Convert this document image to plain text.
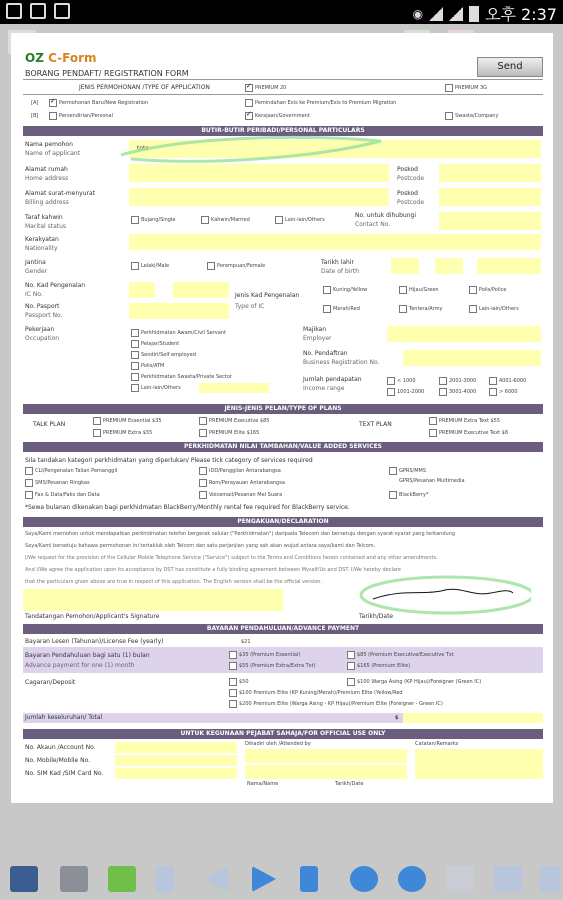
◉	오후 2:37
OZ C-Form
Send
BORANG PENDAFT/ REGISTRATION FORM
JENIS PERMOHONAN /TYPE OF APPLICATION ✓	PREMIUM 20	PREMIUM 3G
[A] ✓	Permohonan Baru/New Registration	Pemindahan Exis ke Premium/Exis to Premium Migration
[B]	Persendirian/Personal ✓	Kerajaan/Government	Swasta/Company
BUTIR-BUTIR PERIBADI/PERSONAL PARTICULARS
Nama pemohon
Name of applicant
toto
Alamat rumah
Home address
Poskod
Postcode
Alamat surat-menyurat
Billing address
Poskod
Postcode
Taraf kahwin
Marital status
Bujang/Single	Kahwin/Married	Lain-lain/Others
No. untuk dihubungi
Contact No.
Kerakyatan
Nationality
Jantina
Gender
Lelaki/Male	Perempuan/Female	Tarikh lahir
Date of birth
No. Kad Pengenalan
IC No.	Jenis Kad Pengenalan
Type of IC
Kuning/Yellow	Hijau/Green	Polis/Police
Merah/Red	Tentera/Army	Lain-lain/Others
No. Pasport
Passport No.
Pekerjaan
Occupation
Perkhidmatan Awam/Civil Servant
Pelajar/Student
Sendiri/Self employed
Polis/ATM
Perkhidmatan Swasta/Private Sector
Lain-lain/Others
Majikan
Employer
No. Pendaftran
Business Registration No.
Jumlah pendapatan
Income range
< 1000	2001-3000	4001-6000
1001-2000	3001-4000	> 6000
JENIS-JENIS PELAN/TYPE OF PLANS
TALK PLAN	PREMIUM Essential $35	PREMIUM Executive $85
PREMIUM Extra $55	PREMIUM Elite $165
TEXT PLAN	PREMIUM Extra Text $55
PREMIUM Executive Text $8
PERKHIDMATAN NILAI TAMBAHAN/VALUE ADDED SERVICES
Sila tandakan kategori perkhidmatan yang diperlukan/ Please tick category of services required
CLI/Pengenalan Talian Pemanggil	IDD/Panggilan Antarabangsa	GPRS/MMS
SMS/Pesanan Ringkas	Rom/Perayauan Antarabangsa	GPRS/Pesanan Multimedia
Fax & Data/Faks dan Data	Voicemail/Pesanan Mel Suara	BlackBerry*
*Sewa bulanan dikenakan bagi perkhidmatan BlackBerry/Monthly rental fee required for BlackBerry service.
PENGAKUAN/DECLARATION
Saya/Kami memohon untuk mendapatkan perkhidmatan telefon bergerak selular ("Perkhidmatan") daripada Telecom dan bersetuju dengan syarat-syarat yang terkandung
Saya/Kami bersetuju bahawa permohonan ini tertakluk oleh Telcom dan satu perjanjian yang sah akan wujud antara saya/kami dan Telcom.
I/We request for the provision of the Cellular Mobile Telephone Service ("Service") subject to the Terms and Conditions herein contained and any other amendments.
And I/We agree the application upon its acceptance by DST has constitute a fully binding agreement between Myself/Us and DST. I/We hereby declare
that the particulars given above are true in respect of this application. The English version shall be the official version.
Tandatangan Pemohon/Applicant's Signature	Tarikh/Date
BAYARAN PENDAHULUAN/ADVANCE PAYMENT
Bayaran Lesen (Tahunan)/License Fee (yearly)	$21
Bayaran Pendahuluan bagi satu (1) bulan
Advance payment for one (1) month
$35 (Premium Essential)	$85 (Premium Executive/Executive Txt
$55 (Premium Extra/Extra Txt)	$165 (Premium Elite)
Cagaran/Deposit	$50	$100 Warga Asing (KP Hijau)/Foreigner (Green IC)
$100 Premium Elite (KP Kuning/Merah)/Premium Elite (Yellow/Red
$200 Premium Elite (Warga Asing - KP Hijau)/Premium Elite (Foreigner - Green IC)
Jumlah keseluruhan/ Total	$
UNTUK KEGUNAAN PEJABAT SAHAJA/FOR OFFICIAL USE ONLY
No. Akaun /Account No.
No. Mobile/Mobile No.
No. SIM Kad /SIM Card No.
Dihadiri oleh /Attended by	Catatan/Remarks
Nama/Name	Tarikh/Date
